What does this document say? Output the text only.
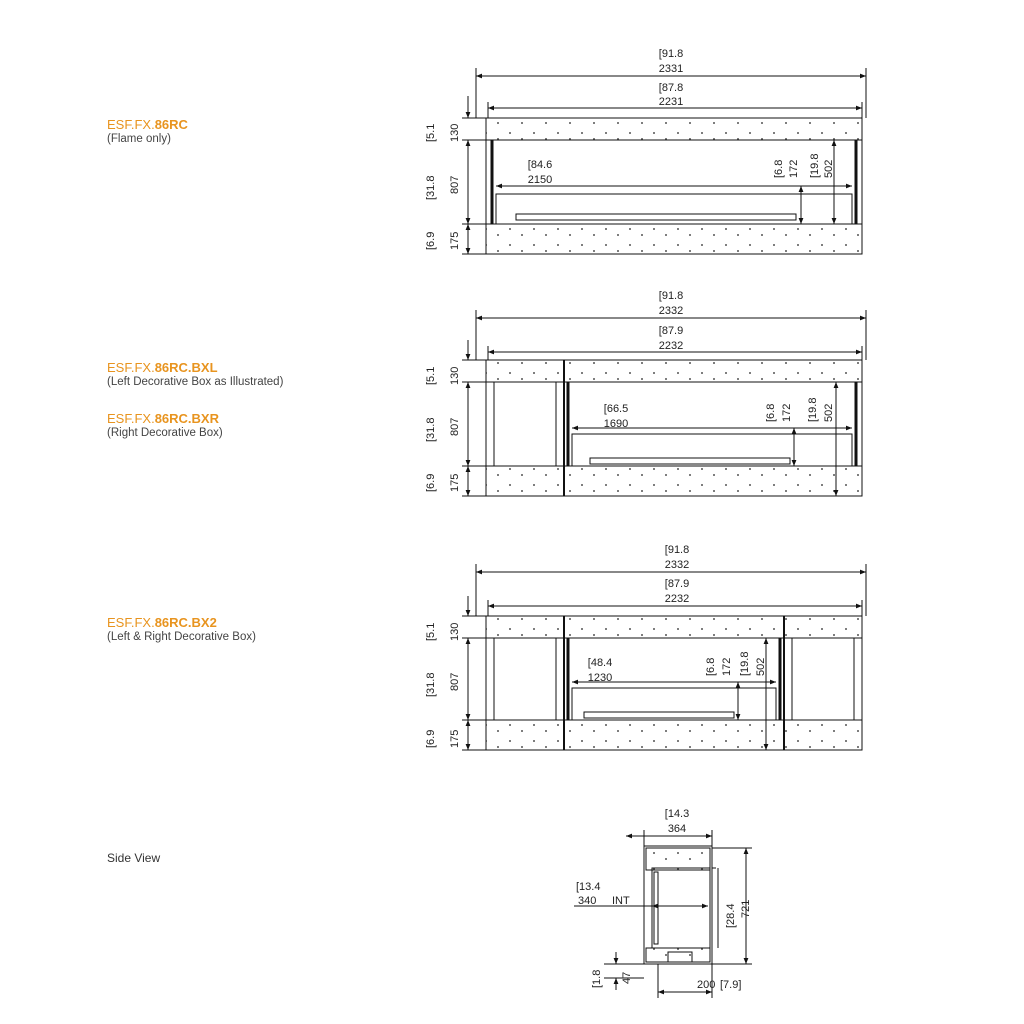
ESF.FX.86RC
(Flame only)
ESF.FX.86RC.BXL
(Left Decorative Box as Illustrated)
ESF.FX.86RC.BXR
(Right Decorative Box)
ESF.FX.86RC.BX2
(Left & Right Decorative Box)
Side View
[91.8
2331
[87.8
2231
[84.6
2150
[6.8 172 [19.8 502
[5.1 130
[31.8 807
[6.9 175
[91.8
2332
[87.9
2232
[66.5
1690
[6.8 172 [19.8 502
[5.1 130
[31.8 807
[6.9 175
[91.8
2332
[87.9
2232
[48.4
1230
[6.8 172 [19.8 502
[5.1 130
[31.8 807
[6.9 175
[14.3
364
[13.4
340 INT
[28.4 721
[1.8 47
200 [7.9]
